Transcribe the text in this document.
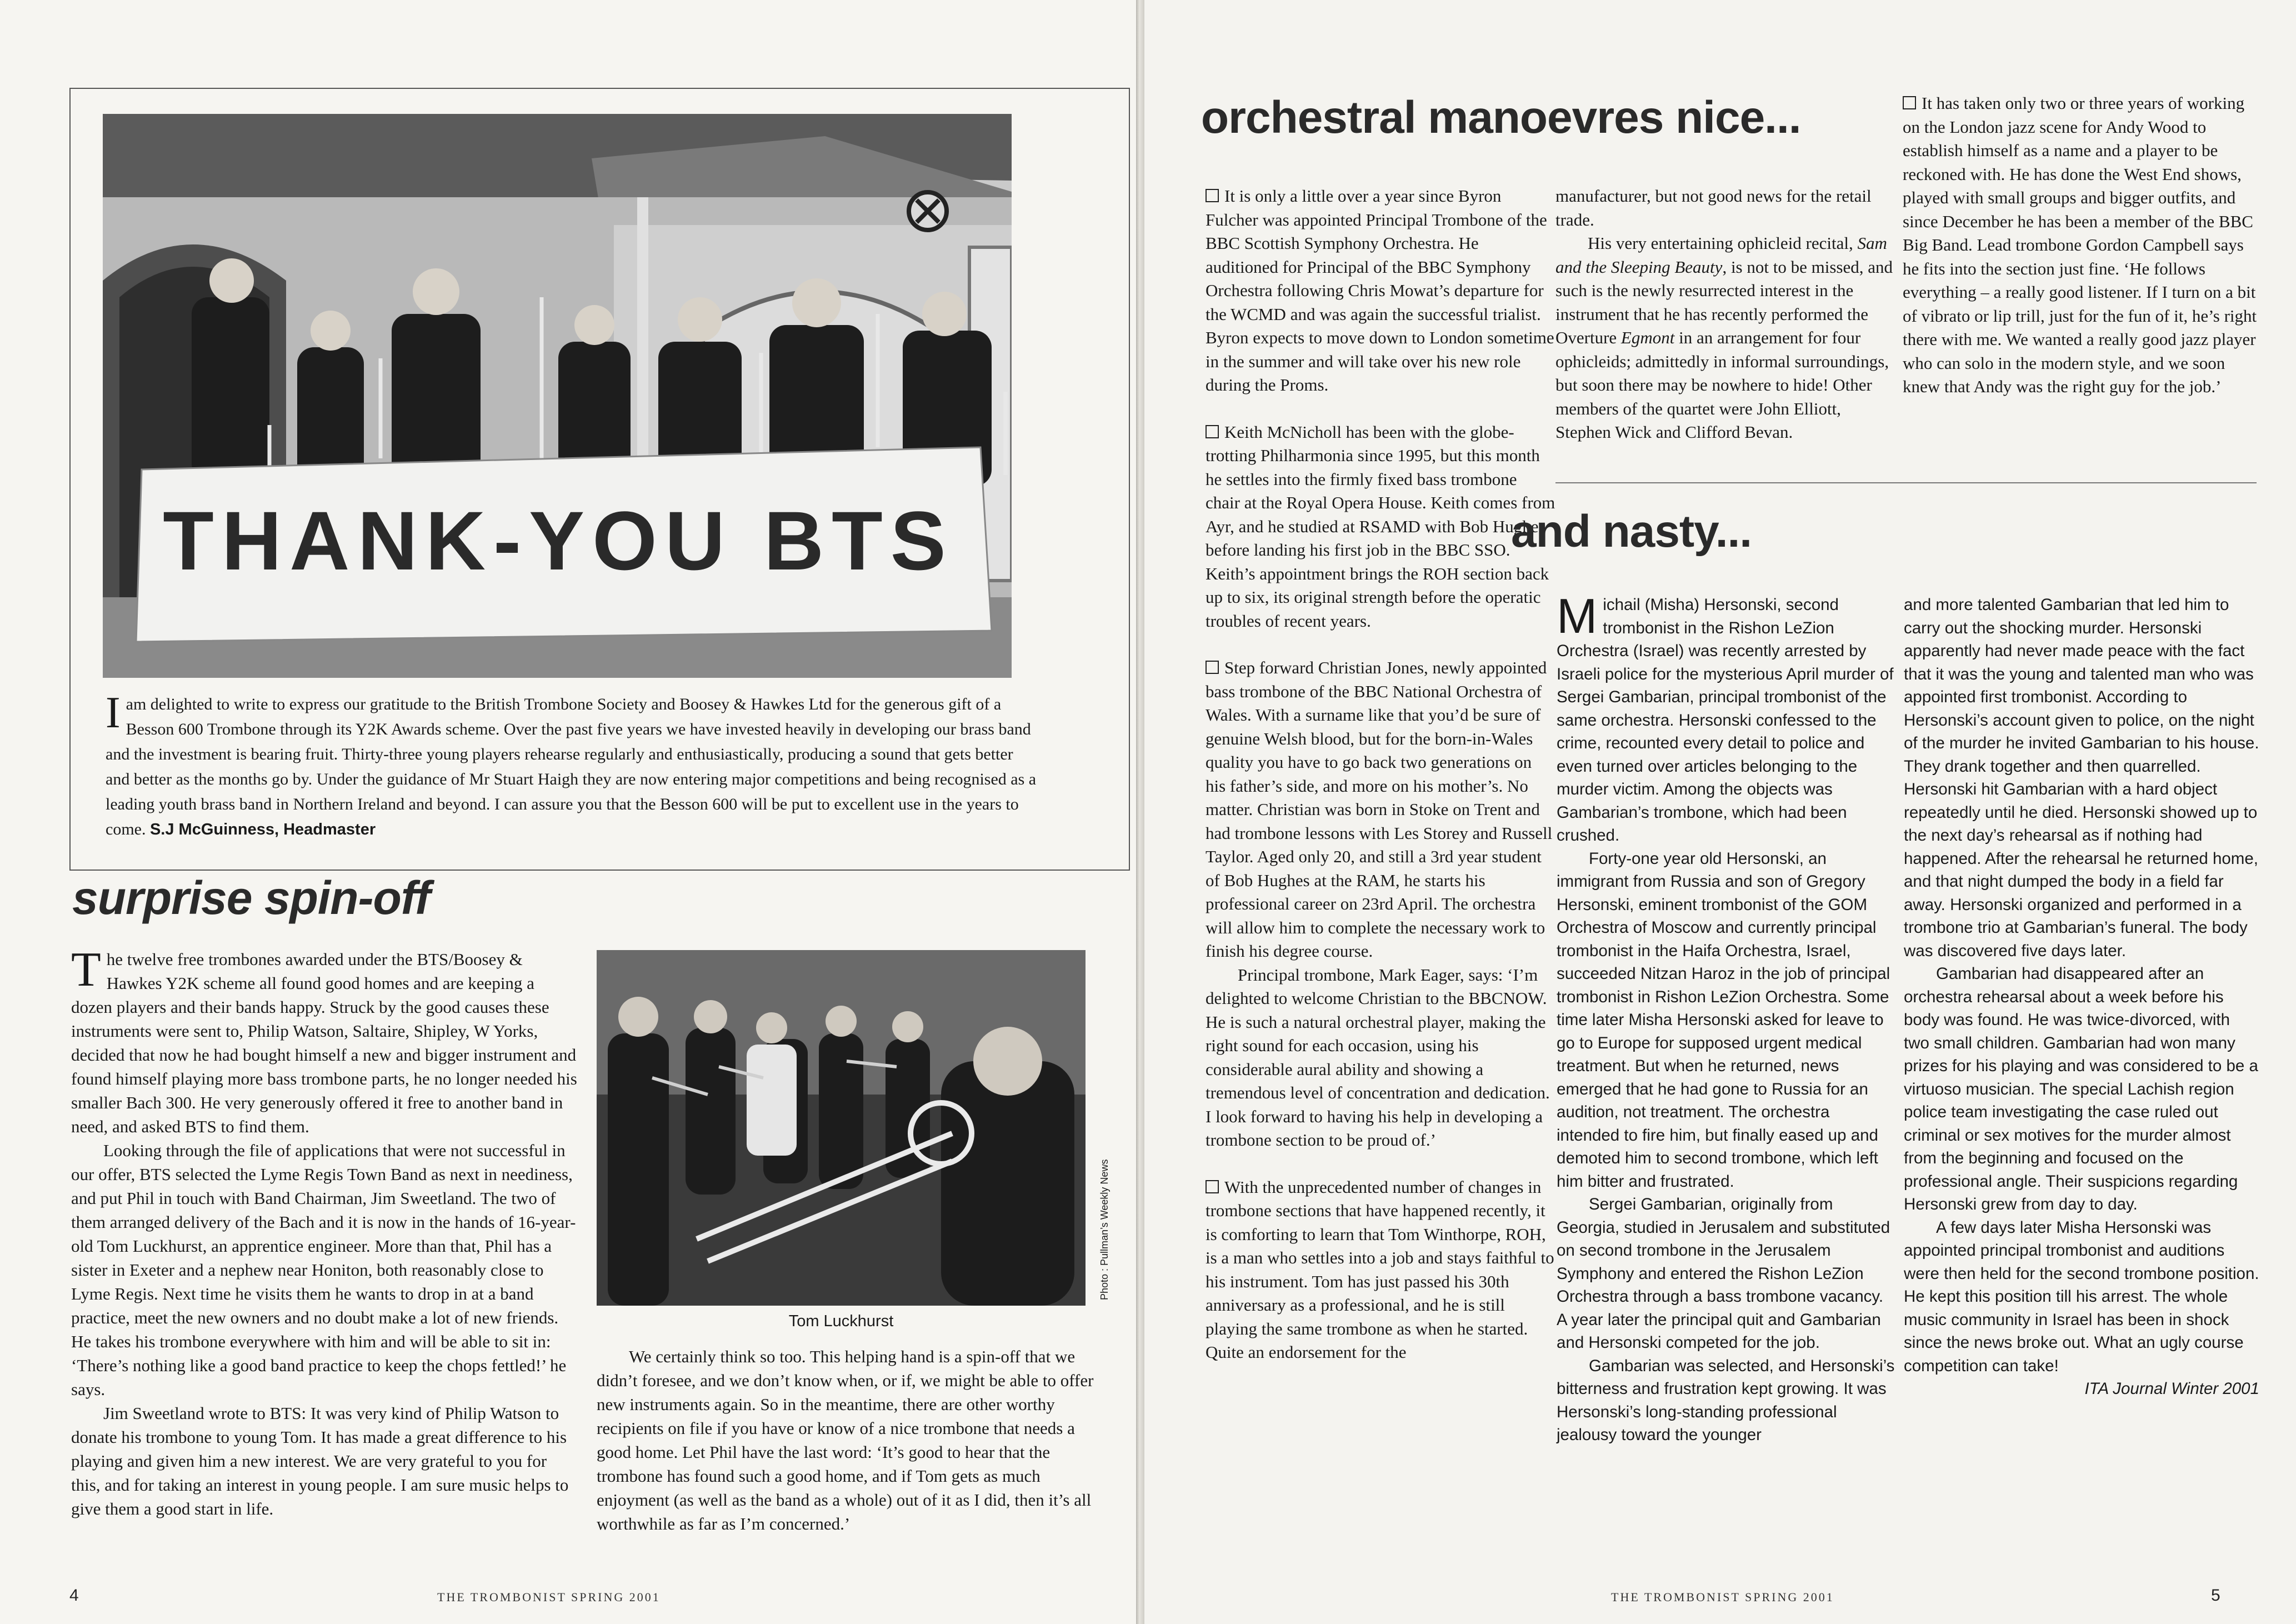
THANK-YOU BTS
Iam delighted to write to express our gratitude to the British Trombone Society and Boosey & Hawkes Ltd for the generous gift of a Besson 600 Trombone through its Y2K Awards scheme. Over the past five years we have invested heavily in developing our brass band and the investment is bearing fruit. Thirty-three young players rehearse regularly and enthusiastically, producing a sound that gets better and better as the months go by. Under the guidance of Mr Stuart Haigh they are now entering major competitions and being recognised as a leading youth brass band in Northern Ireland and beyond. I can assure you that the Besson 600 will be put to excellent use in the years to come. S.J McGuinness, Headmaster
surprise spin-off

The twelve free trombones awarded under the BTS/Boosey & Hawkes Y2K scheme all found good homes and are keeping a dozen players and their bands happy. Struck by the good causes these instruments were sent to, Philip Watson, Saltaire, Shipley, W Yorks, decided that now he had bought himself a new and bigger instrument and found himself playing more bass trombone parts, he no longer needed his smaller Bach 300. He very generously offered it free to another band in need, and asked BTS to find them.

Looking through the file of applications that were not successful in our offer, BTS selected the Lyme Regis Town Band as next in neediness, and put Phil in touch with Band Chairman, Jim Sweetland. The two of them arranged delivery of the Bach and it is now in the hands of 16-year-old Tom Luckhurst, an apprentice engineer. More than that, Phil has a sister in Exeter and a nephew near Honiton, both reasonably close to Lyme Regis. Next time he visits them he wants to drop in at a band practice, meet the new owners and no doubt make a lot of new friends. He takes his trombone everywhere with him and will be able to sit in: ‘There’s nothing like a good band practice to keep the chops fettled!’ he says.

Jim Sweetland wrote to BTS: It was very kind of Philip Watson to donate his trombone to young Tom. It has made a great difference to his playing and given him a new interest. We are very grateful to you for this, and for taking an interest in young people. I am sure music helps to give them a good start in life.

Photo : Pullman’s Weekly News
Tom Luckhurst

We certainly think so too. This helping hand is a spin-off that we didn’t foresee, and we don’t know when, or if, we might be able to offer new instruments again. So in the meantime, there are other worthy recipients on file if you have or know of a nice trombone that needs a good home. Let Phil have the last word: ‘It’s good to hear that the trombone has found such a good home, and if Tom gets as much enjoyment (as well as the band as a whole) out of it as I did, then it’s all worthwhile as far as I’m concerned.’

4	THE TROMBONIST SPRING 2001
orchestral manoevres nice...

It is only a little over a year since Byron Fulcher was appointed Principal Trombone of the BBC Scottish Symphony Orchestra. He auditioned for Principal of the BBC Symphony Orchestra following Chris Mowat’s departure for the WCMD and was again the successful trialist. Byron expects to move down to London sometime in the summer and will take over his new role during the Proms.

Keith McNicholl has been with the globe-trotting Philharmonia since 1995, but this month he settles into the firmly fixed bass trombone chair at the Royal Opera House. Keith comes from Ayr, and he studied at RSAMD with Bob Hughes before landing his first job in the BBC SSO. Keith’s appointment brings the ROH section back up to six, its original strength before the operatic troubles of recent years.

Step forward Christian Jones, newly appointed bass trombone of the BBC National Orchestra of Wales. With a surname like that you’d be sure of genuine Welsh blood, but for the born-in-Wales quality you have to go back two generations on his father’s side, and more on his mother’s. No matter. Christian was born in Stoke on Trent and had trombone lessons with Les Storey and Russell Taylor. Aged only 20, and still a 3rd year student of Bob Hughes at the RAM, he starts his professional career on 23rd April. The orchestra will allow him to complete the necessary work to finish his degree course.

Principal trombone, Mark Eager, says: ‘I’m delighted to welcome Christian to the BBCNOW. He is such a natural orchestral player, making the right sound for each occasion, using his considerable aural ability and showing a tremendous level of concentration and dedication.

I look forward to having his help in developing a trombone section to be proud of.’

With the unprecedented number of changes in trombone sections that have happened recently, it is comforting to learn that Tom Winthorpe, ROH, is a man who settles into a job and stays faithful to his instrument. Tom has just passed his 30th anniversary as a professional, and he is still playing the same trombone as when he started. Quite an endorsement for the

manufacturer, but not good news for the retail trade.

His very entertaining ophicleid recital, Sam and the Sleeping Beauty, is not to be missed, and such is the newly resurrected interest in the instrument that he has recently performed the Overture Egmont in an arrangement for four ophicleids; admittedly in informal surroundings, but soon there may be nowhere to hide! Other members of the quartet were John Elliott, Stephen Wick and Clifford Bevan.

It has taken only two or three years of working on the London jazz scene for Andy Wood to establish himself as a name and a player to be reckoned with. He has done the West End shows, played with small groups and bigger outfits, and since December he has been a member of the BBC Big Band. Lead trombone Gordon Campbell says he fits into the section just fine. ‘He follows everything – a really good listener. If I turn on a bit of vibrato or lip trill, just for the fun of it, he’s right there with me. We wanted a really good jazz player who can solo in the modern style, and we soon knew that Andy was the right guy for the job.’

and nasty...

Michail (Misha) Hersonski, second trombonist in the Rishon LeZion Orchestra (Israel) was recently arrested by Israeli police for the mysterious April murder of Sergei Gambarian, principal trombonist of the same orchestra. Hersonski confessed to the crime, recounted every detail to police and even turned over articles belonging to the murder victim. Among the objects was Gambarian’s trombone, which had been crushed.

Forty-one year old Hersonski, an immigrant from Russia and son of Gregory Hersonski, eminent trombonist of the GOM Orchestra of Moscow and currently principal trombonist in the Haifa Orchestra, Israel, succeeded Nitzan Haroz in the job of principal trombonist in Rishon LeZion Orchestra. Some time later Misha Hersonski asked for leave to go to Europe for supposed urgent medical treatment. But when he returned, news emerged that he had gone to Russia for an audition, not treatment. The orchestra intended to fire him, but finally eased up and demoted him to second trombone, which left him bitter and frustrated.

Sergei Gambarian, originally from Georgia, studied in Jerusalem and substituted on second trombone in the Jerusalem Symphony and entered the Rishon LeZion Orchestra through a bass trombone vacancy. A year later the principal quit and Gambarian and Hersonski competed for the job.

Gambarian was selected, and Hersonski’s bitterness and frustration kept growing. It was Hersonski’s long-standing professional jealousy toward the younger

and more talented Gambarian that led him to carry out the shocking murder. Hersonski apparently had never made peace with the fact that it was the young and talented man who was appointed first trombonist. According to Hersonski’s account given to police, on the night of the murder he invited Gambarian to his house. They drank together and then quarrelled. Hersonski hit Gambarian with a hard object repeatedly until he died. Hersonski showed up to the next day’s rehearsal as if nothing had happened. After the rehearsal he returned home, and that night dumped the body in a field far away. Hersonski organized and performed in a trombone trio at Gambarian’s funeral. The body was discovered five days later.

Gambarian had disappeared after an orchestra rehearsal about a week before his body was found. He was twice-divorced, with two small children. Gambarian had won many prizes for his playing and was considered to be a virtuoso musician. The special Lachish region police team investigating the case ruled out criminal or sex motives for the murder almost from the beginning and focused on the professional angle. Their suspicions regarding Hersonski grew from day to day.

A few days later Misha Hersonski was appointed principal trombonist and auditions were then held for the second trombone position. He kept this position till his arrest. The whole music community in Israel has been in shock since the news broke out. What an ugly course competition can take!

ITA Journal Winter 2001

THE TROMBONIST SPRING 2001	5
